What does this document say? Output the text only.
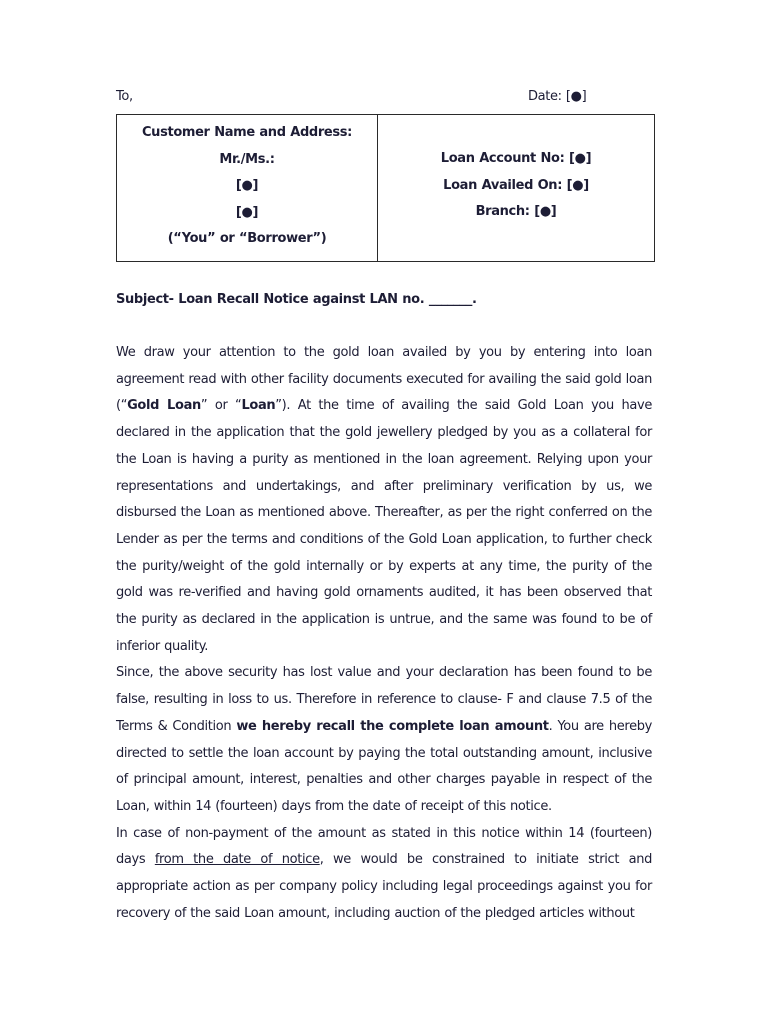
To,	Date: [●]
Customer Name and Address:
Mr./Ms.:
[●]
[●]
(“You” or “Borrower”)
Loan Account No: [●]
Loan Availed On: [●]
Branch: [●]
Subject- Loan Recall Notice against LAN no. _______.

We draw your attention to the gold loan availed by you by entering into loan agreement read with other facility documents executed for availing the said gold loan (“Gold Loan” or “Loan”). At the time of availing the said Gold Loan you have declared in the application that the gold jewellery pledged by you as a collateral for the Loan is having a purity as mentioned in the loan agreement. Relying upon your representations and undertakings, and after preliminary verification by us, we disbursed the Loan as mentioned above. Thereafter, as per the right conferred on the Lender as per the terms and conditions of the Gold Loan application, to further check the purity/weight of the gold internally or by experts at any time, the purity of the gold was re-verified and having gold ornaments audited, it has been observed that the purity as declared in the application is untrue, and the same was found to be of inferior quality.

Since, the above security has lost value and your declaration has been found to be false, resulting in loss to us. Therefore in reference to clause- F and clause 7.5 of the Terms & Condition we hereby recall the complete loan amount. You are hereby directed to settle the loan account by paying the total outstanding amount, inclusive of principal amount, interest, penalties and other charges payable in respect of the Loan, within 14 (fourteen) days from the date of receipt of this notice.

In case of non-payment of the amount as stated in this notice within 14 (fourteen) days from the date of notice, we would be constrained to initiate strict and appropriate action as per company policy including legal proceedings against you for recovery of the said Loan amount, including auction of the pledged articles without
